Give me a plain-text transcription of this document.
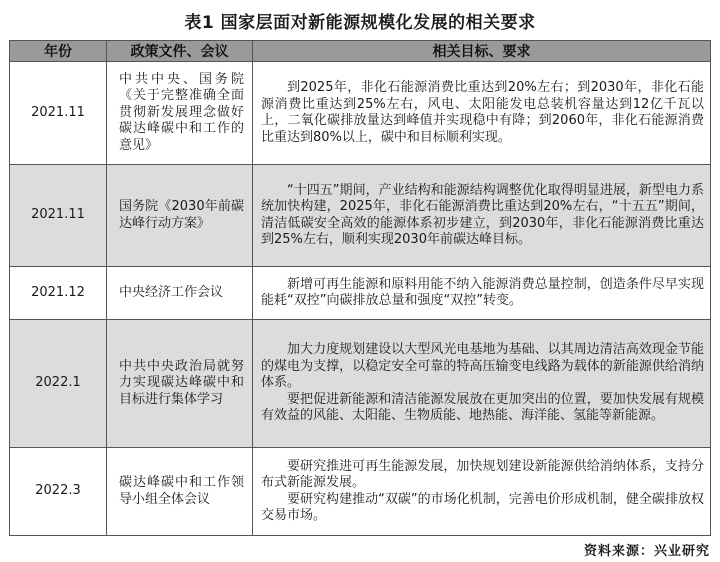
表1 国家层面对新能源规模化发展的相关要求
年份	政策文件、会议	相关目标、要求
2021.11	中共中央、国务院《关于完整准确全面贯彻新发展理念做好碳达峰碳中和工作的意见》	到2025年，非化石能源消费比重达到20%左右；到2030年，非化石能源消费比重达到25%左右，风电、太阳能发电总装机容量达到12亿千瓦以上，二氧化碳排放量达到峰值并实现稳中有降；到2060年，非化石能源消费比重达到80%以上，碳中和目标顺利实现。

2021.11	国务院《2030年前碳达峰行动方案》	“十四五”期间，产业结构和能源结构调整优化取得明显进展，新型电力系统加快构建，2025年，非化石能源消费比重达到20%左右，“十五五”期间，清洁低碳安全高效的能源体系初步建立，到2030年，非化石能源消费比重达到25%左右，顺利实现2030年前碳达峰目标。

2021.12	中央经济工作会议	新增可再生能源和原料用能不纳入能源消费总量控制，创造条件尽早实现能耗“双控”向碳排放总量和强度“双控”转变。

2022.1	中共中央政治局就努力实现碳达峰碳中和目标进行集体学习	加大力度规划建设以大型风光电基地为基础、以其周边清洁高效现金节能的煤电为支撑，以稳定安全可靠的特高压输变电线路为载体的新能源供给消纳体系。

要把促进新能源和清洁能源发展放在更加突出的位置，要加快发展有规模有效益的风能、太阳能、生物质能、地热能、海洋能、氢能等新能源。

2022.3	碳达峰碳中和工作领导小组全体会议	要研究推进可再生能源发展，加快规划建设新能源供给消纳体系，支持分布式新能源发展。

要研究构建推动“双碳”的市场化机制，完善电价形成机制，健全碳排放权交易市场。

资料来源：兴业研究
